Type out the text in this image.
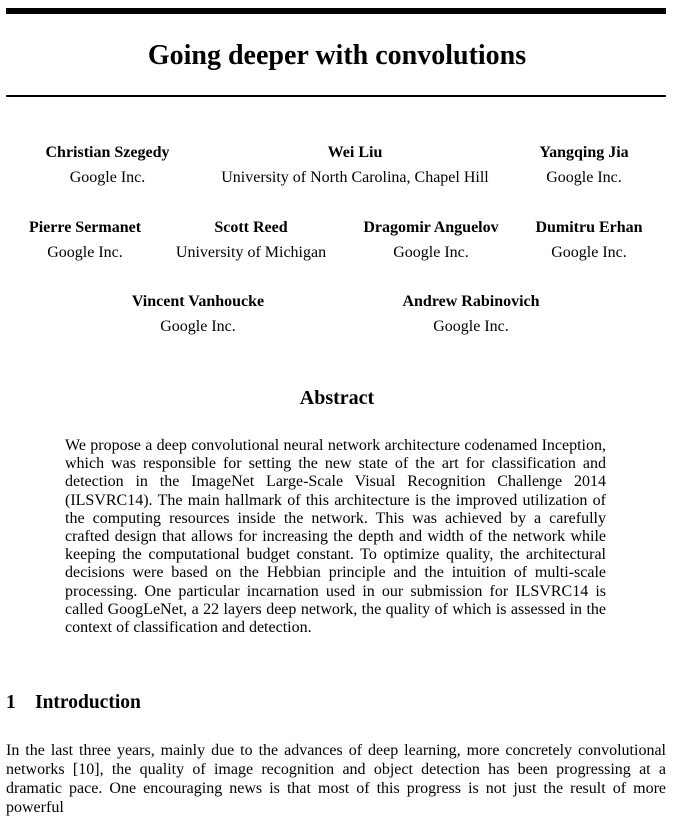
Going deeper with convolutions
Christian Szegedy
Google Inc.
Wei Liu
University of North Carolina, Chapel Hill
Yangqing Jia
Google Inc.
Pierre Sermanet
Google Inc.
Scott Reed
University of Michigan
Dragomir Anguelov
Google Inc.
Dumitru Erhan
Google Inc.
Vincent Vanhoucke
Google Inc.
Andrew Rabinovich
Google Inc.
Abstract
We propose a deep convolutional neural network architecture codenamed Inception, which was responsible for setting the new state of the art for classification and detection in the ImageNet Large-Scale Visual Recognition Challenge 2014 (ILSVRC14). The main hallmark of this architecture is the improved utilization of the computing resources inside the network. This was achieved by a carefully crafted design that allows for increasing the depth and width of the network while keeping the computational budget constant. To optimize quality, the architectural decisions were based on the Hebbian principle and the intuition of multi-scale processing. One particular incarnation used in our submission for ILSVRC14 is called GoogLeNet, a 22 layers deep network, the quality of which is assessed in the context of classification and detection.
1 Introduction
In the last three years, mainly due to the advances of deep learning, more concretely convolutional networks [10], the quality of image recognition and object detection has been progressing at a dramatic pace. One encouraging news is that most of this progress is not just the result of more powerful
